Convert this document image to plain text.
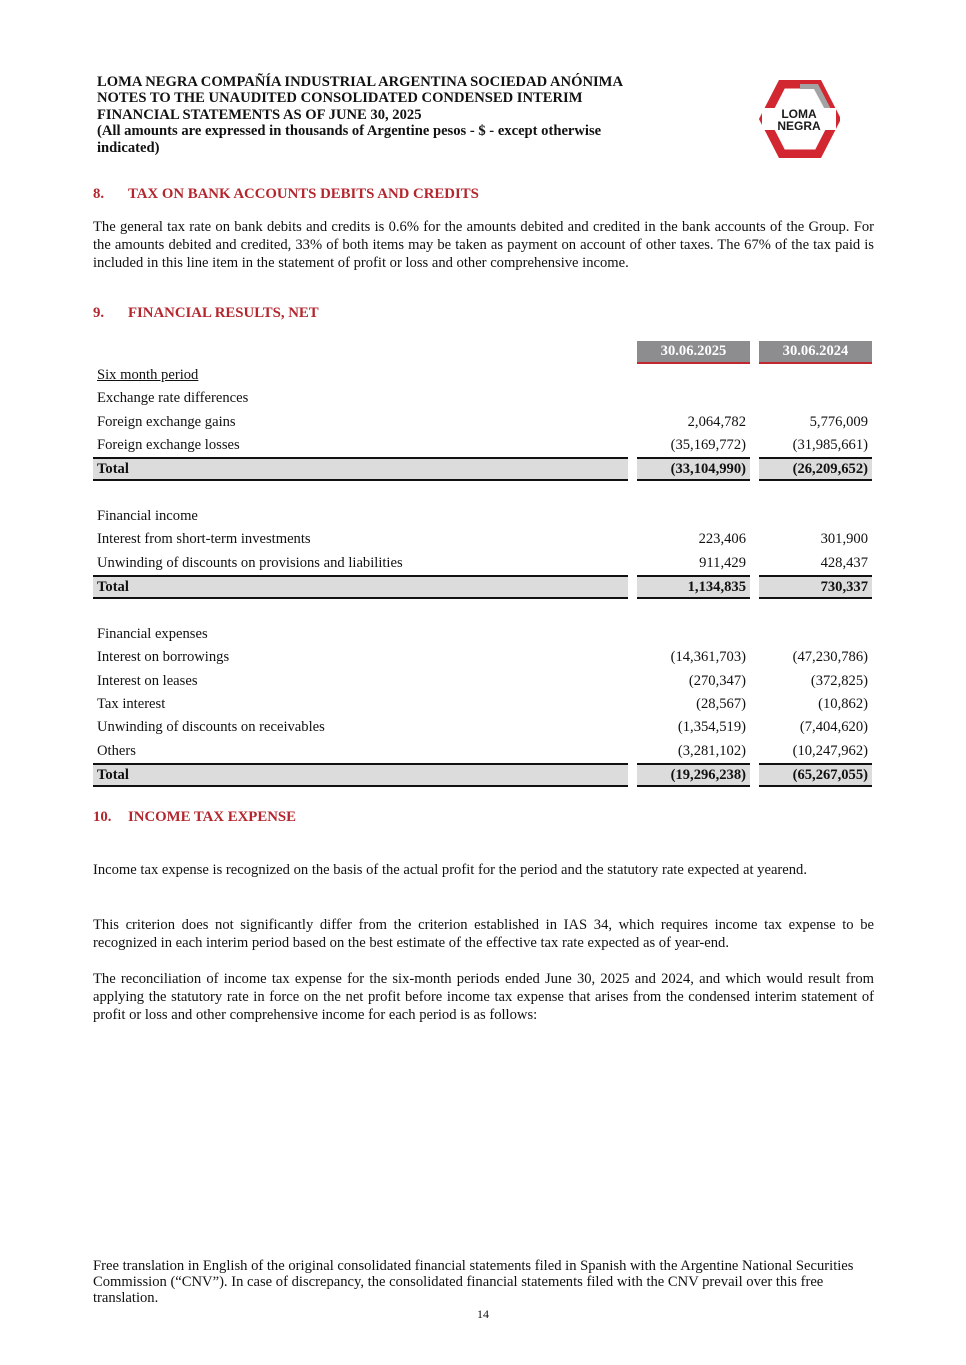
LOMA NEGRA COMPAÑÍA INDUSTRIAL ARGENTINA SOCIEDAD ANÓNIMA
NOTES TO THE UNAUDITED CONSOLIDATED CONDENSED INTERIM
FINANCIAL STATEMENTS AS OF JUNE 30, 2025
(All amounts are expressed in thousands of Argentine pesos - $ - except otherwise
indicated)
LOMA
NEGRA
8. TAX ON BANK ACCOUNTS DEBITS AND CREDITS
The general tax rate on bank debits and credits is 0.6% for the amounts debited and credited in the bank accounts of the Group. For the amounts debited and credited, 33% of both items may be taken as payment on account of other taxes. The 67% of the tax paid is included in this line item in the statement of profit or loss and other comprehensive income.
9. FINANCIAL RESULTS, NET
30.06.2025	30.06.2024
Six month period
Exchange rate differences
Foreign exchange gains	2,064,782	5,776,009
Foreign exchange losses	(35,169,772)	(31,985,661)
Total	(33,104,990)	(26,209,652)
Financial income
Interest from short-term investments	223,406	301,900
Unwinding of discounts on provisions and liabilities	911,429	428,437
Total	1,134,835	730,337
Financial expenses
Interest on borrowings	(14,361,703)	(47,230,786)
Interest on leases	(270,347)	(372,825)
Tax interest	(28,567)	(10,862)
Unwinding of discounts on receivables	(1,354,519)	(7,404,620)
Others	(3,281,102)	(10,247,962)
Total	(19,296,238)	(65,267,055)
10. INCOME TAX EXPENSE
Income tax expense is recognized on the basis of the actual profit for the period and the statutory rate expected at yearend.
This criterion does not significantly differ from the criterion established in IAS 34, which requires income tax expense to be recognized in each interim period based on the best estimate of the effective tax rate expected as of year-end.
The reconciliation of income tax expense for the six-month periods ended June 30, 2025 and 2024, and which would result from applying the statutory rate in force on the net profit before income tax expense that arises from the condensed interim statement of profit or loss and other comprehensive income for each period is as follows:
Free translation in English of the original consolidated financial statements filed in Spanish with the Argentine National Securities Commission (“CNV”). In case of discrepancy, the consolidated financial statements filed with the CNV prevail over this free translation.
14
